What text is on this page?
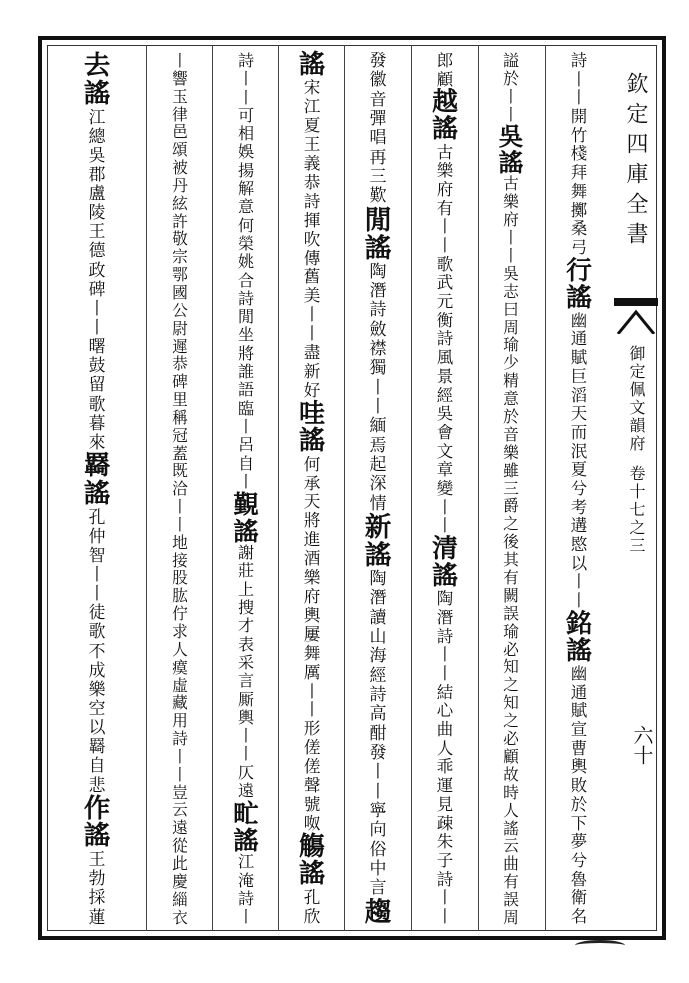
欽定四庫全書
御定佩文韻府
卷十七之三
六十
詩
丨
丨
開
竹
棧
拜
舞
擲
桑
弓
行
謠
幽
通
賦
巨
滔
天
而
泯
夏
兮
考
遘
愍
以
丨
丨
銘
謠
幽
通
賦
宣
曹
輿
敗
於
下
夢
兮
魯
衛
名
謚
於
丨
丨
吳
謠
古
樂
府
丨
丨
吳
志
曰
周
瑜
少
精
意
於
音
樂
雖
三
爵
之
後
其
有
闕
誤
瑜
必
知
之
知
之
必
顧
故
時
人
謠
云
曲
有
誤
周
郎
顧
越
謠
古
樂
府
有
丨
丨
歌
武
元
衡
詩
風
景
經
吳
會
文
章
變
丨
丨
清
謠
陶
潛
詩
丨
丨
結
心
曲
人
乖
運
見
疎
朱
子
詩
丨
丨
發
徽
音
彈
唱
再
三
歎
閒
謠
陶
潛
詩
斂
襟
獨
丨
丨
緬
焉
起
深
情
新
謠
陶
潛
讀
山
海
經
詩
高
酣
發
丨
丨
寧
向
俗
中
言
趨
謠
宋
江
夏
王
義
恭
詩
揮
吹
傳
舊
美
丨
丨
盡
新
好
哇
謠
何
承
天
將
進
酒
樂
府
輿
屢
舞
厲
丨
丨
形
傞
傞
聲
號
呶
觴
謠
孔
欣
詩
丨
丨
可
相
娛
揚
解
意
何
榮
姚
合
詩
閒
坐
將
誰
語
臨
丨
呂
自
丨
覲
謠
謝
莊
上
搜
才
表
采
言
厮
輿
丨
丨
仄
遠
甿
謠
江
淹
詩
丨
丨
響
玉
律
邑
頌
被
丹
絃
許
敬
宗
鄂
國
公
尉
遲
恭
碑
里
稱
冠
蓋
既
洽
丨
丨
地
接
股
肱
佇
求
人
瘼
虛
藏
用
詩
丨
丨
豈
云
遠
從
此
慶
緇
衣
去
謠
江
總
吳
郡
盧
陵
王
德
政
碑
丨
丨
曙
鼓
留
歌
暮
來
羇
謠
孔
仲
智
丨
丨
徒
歌
不
成
樂
空
以
羇
自
悲
作
謠
王
勃
採
蓮
